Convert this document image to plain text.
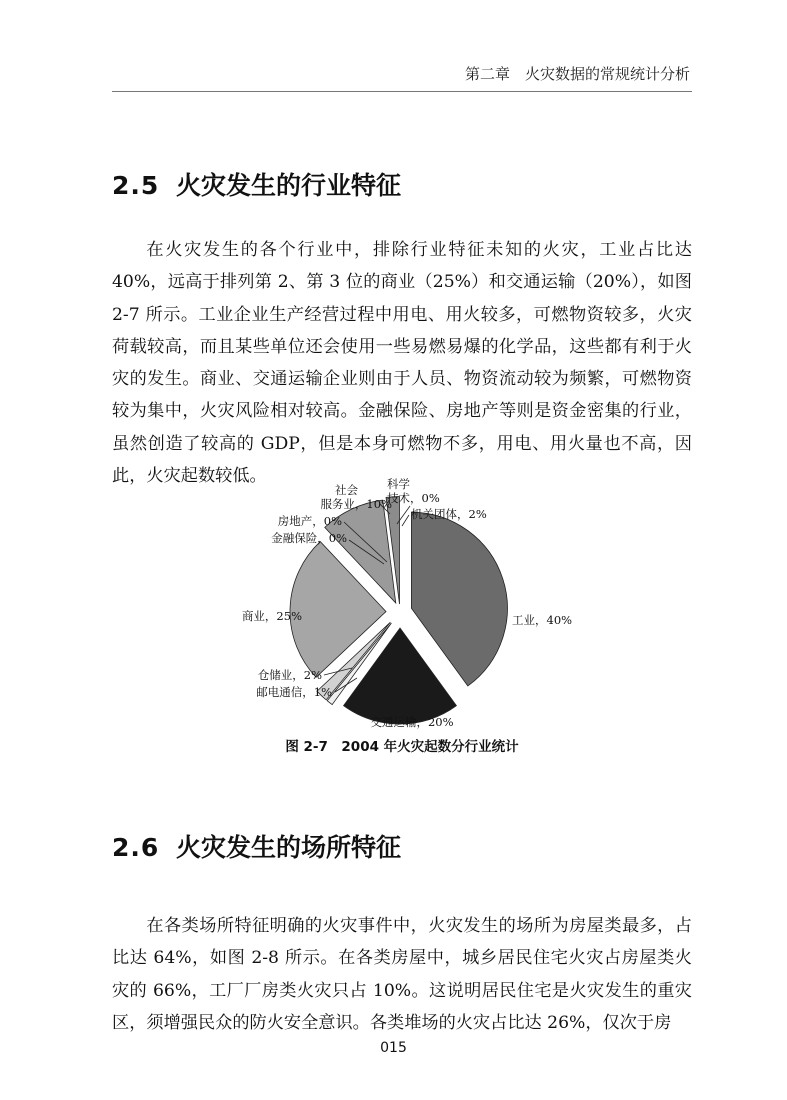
第二章　火灾数据的常规统计分析
2.5 火灾发生的行业特征

在火灾发生的各个行业中，排除行业特征未知的火灾，工业占比达40%，远高于排列第 2、第 3 位的商业（25%）和交通运输（20%），如图 2-7 所示。工业企业生产经营过程中用电、用火较多，可燃物资较多，火灾荷载较高，而且某些单位还会使用一些易燃易爆的化学品，这些都有利于火灾的发生。商业、交通运输企业则由于人员、物资流动较为频繁，可燃物资较为集中，火灾风险相对较高。金融保险、房地产等则是资金密集的行业，虽然创造了较高的 GDP，但是本身可燃物不多，用电、用火量也不高，因此，火灾起数较低。

工业，40%
交通运输，20%
邮电通信，1%
仓储业，2%
商业，25%
金融保险，0%
房地产，0%
社会服务业，10%
科学技术，0%
机关团体，2%

图 2-7　2004 年火灾起数分行业统计

2.6 火灾发生的场所特征

在各类场所特征明确的火灾事件中，火灾发生的场所为房屋类最多，占比达 64%，如图 2-8 所示。在各类房屋中，城乡居民住宅火灾占房屋类火灾的 66%，工厂厂房类火灾只占 10%。这说明居民住宅是火灾发生的重灾区，须增强民众的防火安全意识。各类堆场的火灾占比达 26%，仅次于房

015
